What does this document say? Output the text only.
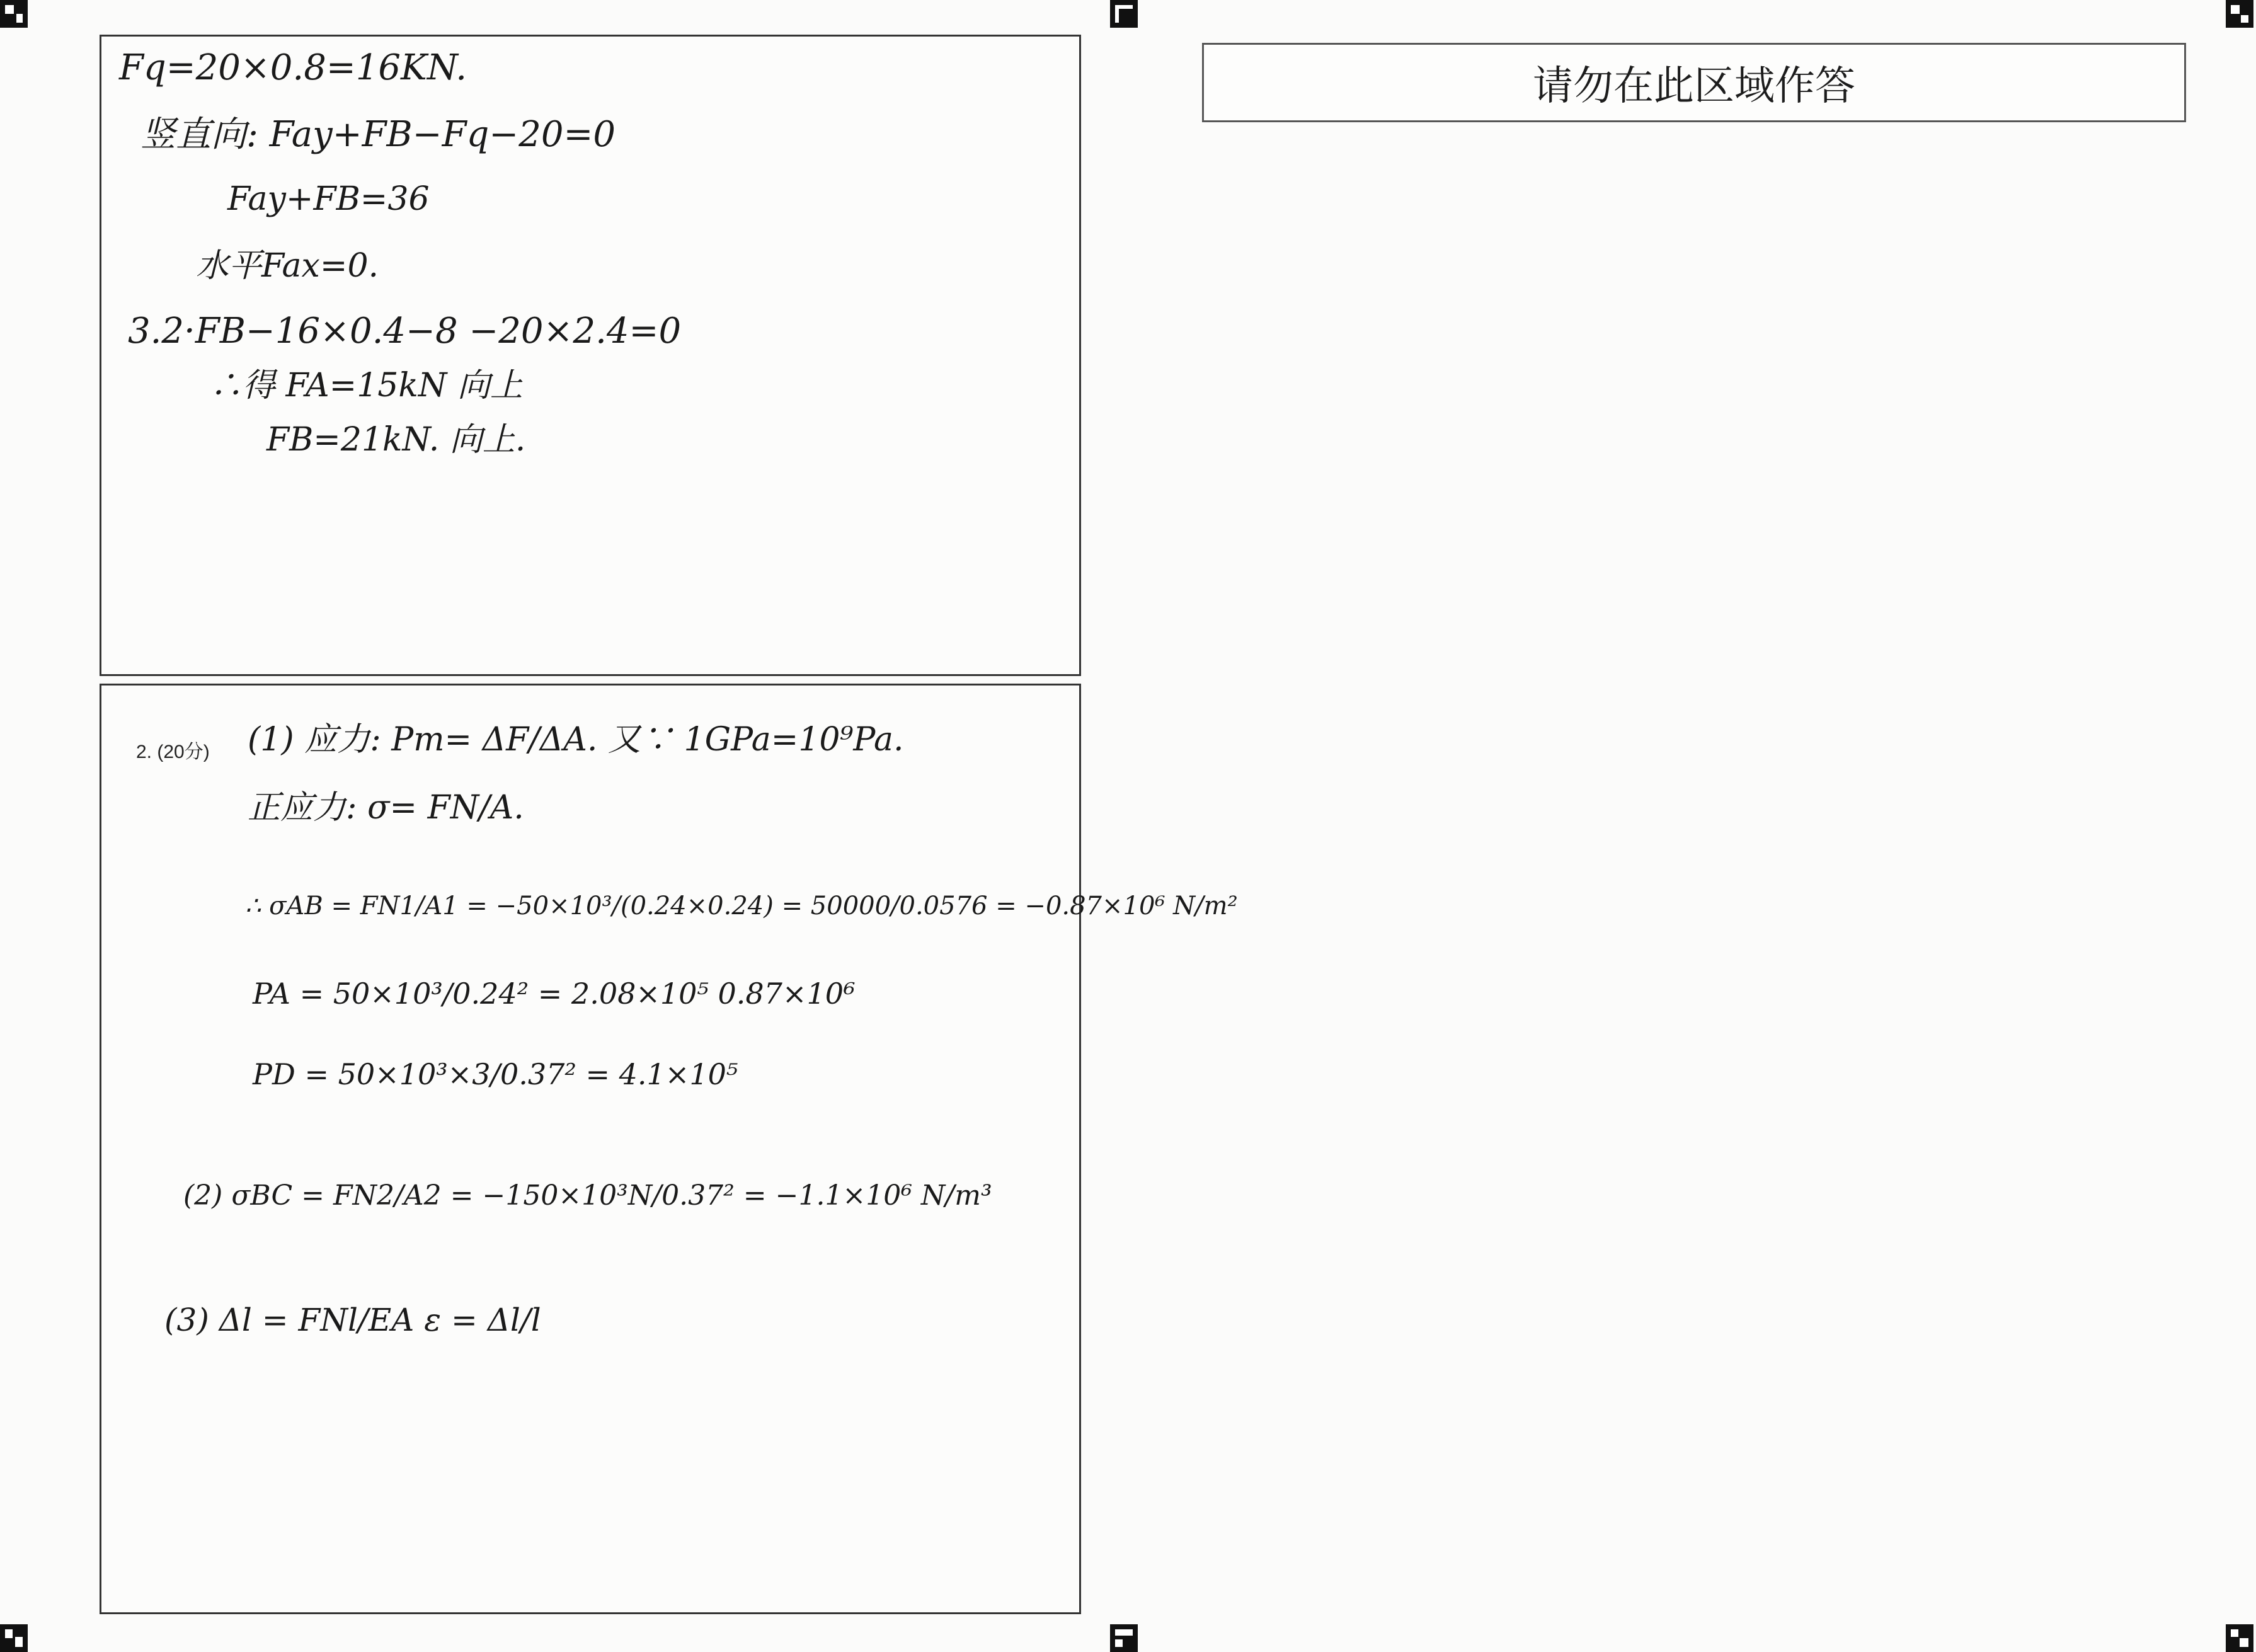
Fq=20×0.8=16KN.
竖直向: Fay+FB−Fq−20=0
Fay+FB=36
水平Fax=0.
3.2·FB−16×0.4−8 −20×2.4=0
∴得 FA=15kN 向上
FB=21kN. 向上.
2. (20分) (1) 应力: Pm= ΔF/ΔA. 又∵ 1GPa=10⁹Pa.
正应力: σ= FN/A.
∴ σAB = FN1/A1 = −50×10³/(0.24×0.24) = 50000/0.0576 = −0.87×10⁶ N/m²
PA = 50×10³/0.24² = 2.08×10⁵ 0.87×10⁶
PD = 50×10³×3/0.37² = 4.1×10⁵
(2) σBC = FN2/A2 = −150×10³N/0.37² = −1.1×10⁶ N/m³
(3) Δl = FNl/EA ε = Δl/l
请勿在此区域作答
